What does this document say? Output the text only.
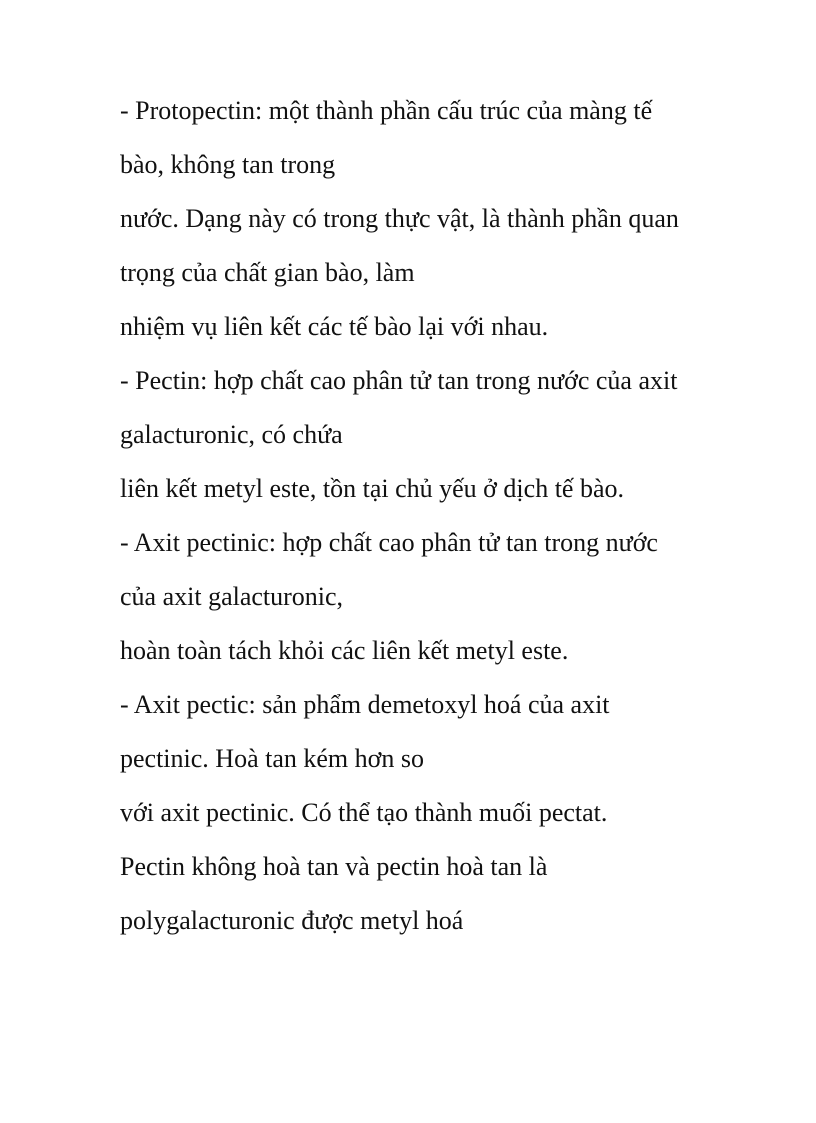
- Protopectin: một thành phần cấu trúc của màng tế
bào, không tan trong
nước. Dạng này có trong thực vật, là thành phần quan
trọng của chất gian bào, làm
nhiệm vụ liên kết các tế bào lại với nhau.
- Pectin: hợp chất cao phân tử tan trong nước của axit
galacturonic, có chứa
liên kết metyl este, tồn tại chủ yếu ở dịch tế bào.
- Axit pectinic: hợp chất cao phân tử tan trong nước
của axit galacturonic,
hoàn toàn tách khỏi các liên kết metyl este.
- Axit pectic: sản phẩm demetoxyl hoá của axit
pectinic. Hoà tan kém hơn so
với axit pectinic. Có thể tạo thành muối pectat.
Pectin không hoà tan và pectin hoà tan là
polygalacturonic được metyl hoá
